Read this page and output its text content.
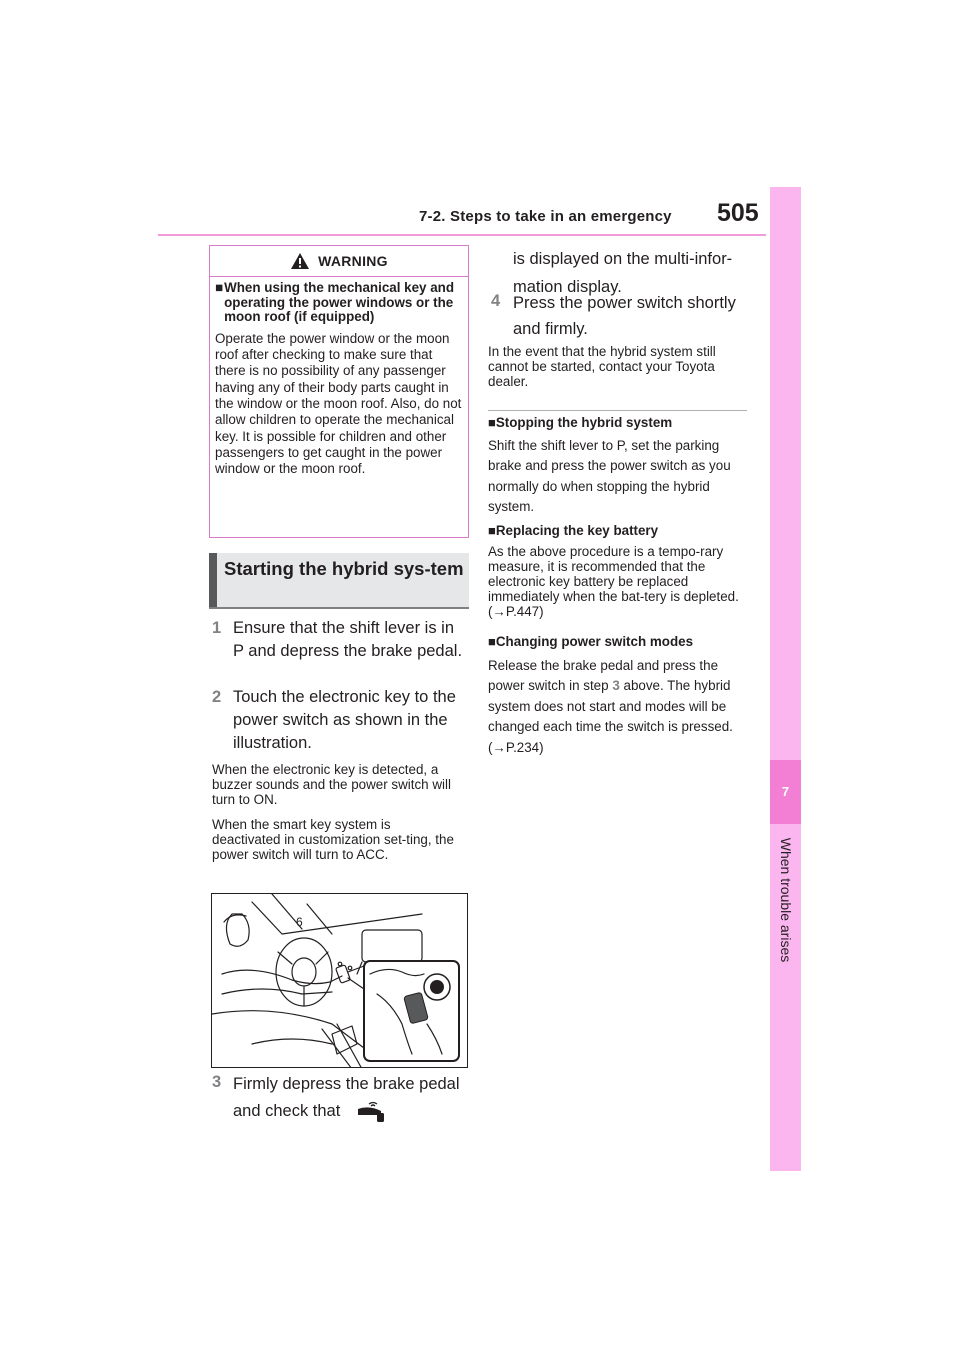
7-2. Steps to take in an emergency 505
7
When trouble arises
WARNING
■ When using the mechanical key and operating the power windows or the moon roof (if equipped)
Operate the power window or the moon roof after checking to make sure that there is no possibility of any passenger having any of their body parts caught in the window or the moon roof. Also, do not allow children to operate the mechanical key. It is possible for children and other passengers to get caught in the power window or the moon roof.
Starting the hybrid sys-tem
1 Ensure that the shift lever is in P and depress the brake pedal.
2 Touch the electronic key to the power switch as shown in the illustration.
When the electronic key is detected, a buzzer sounds and the power switch will turn to ON.
When the smart key system is deactivated in customization set-ting, the power switch will turn to ACC.
6
3 Firmly depress the brake pedal and check that
is displayed on the multi-infor-mation display.
4 Press the power switch shortly and firmly.
In the event that the hybrid system still cannot be started, contact your Toyota dealer.
■Stopping the hybrid system
Shift the shift lever to P, set the parking brake and press the power switch as you normally do when stopping the hybrid system.
■Replacing the key battery
As the above procedure is a tempo-rary measure, it is recommended that the electronic key battery be replaced immediately when the bat-tery is depleted. (→P.447)
■Changing power switch modes
Release the brake pedal and press the power switch in step 3 above. The hybrid system does not start and modes will be changed each time the switch is pressed.
(→P.234)
